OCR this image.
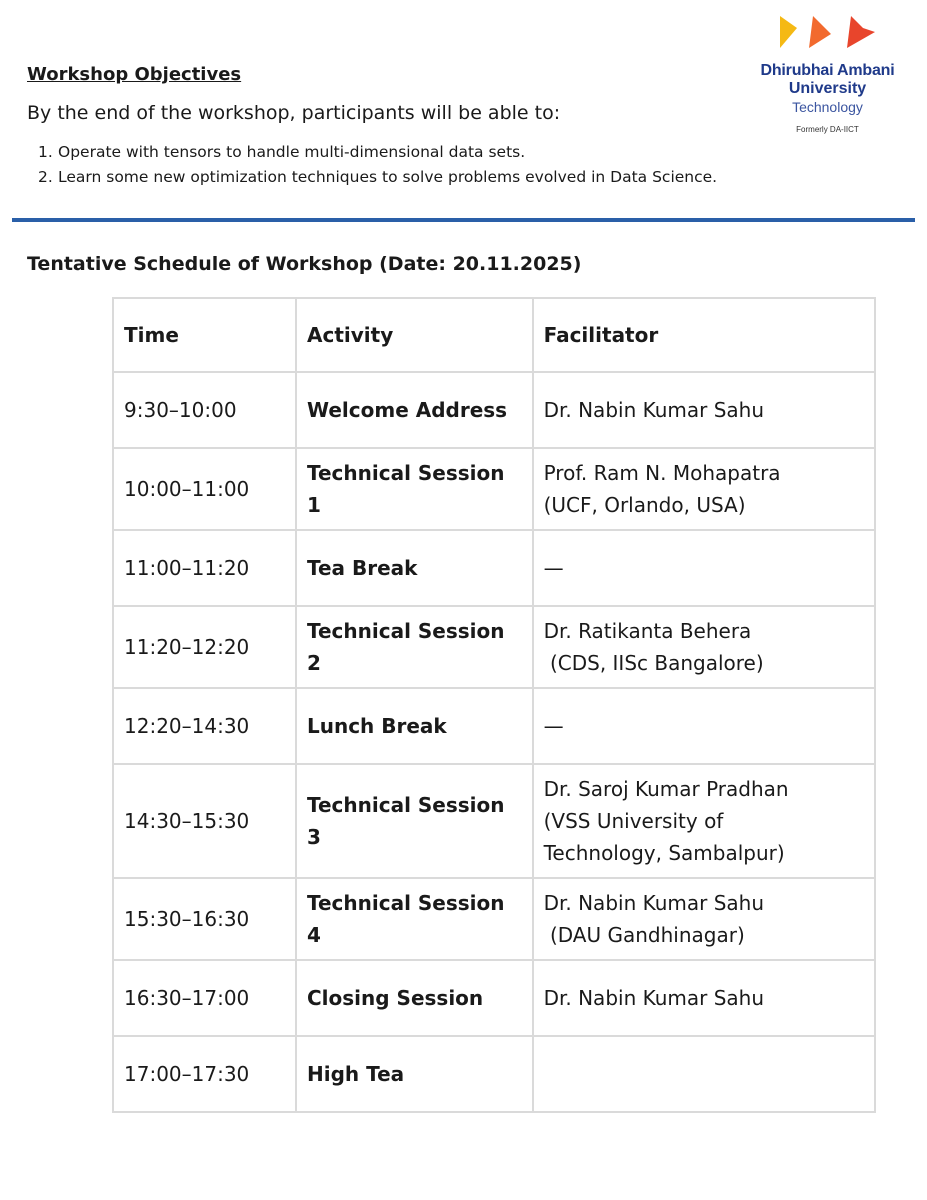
Dhirubhai Ambani
University
Technology
Formerly DA-IICT
Workshop Objectives
By the end of the workshop, participants will be able to:
1. Operate with tensors to handle multi-dimensional data sets.
2. Learn some new optimization techniques to solve problems evolved in Data Science.
Tentative Schedule of Workshop (Date: 20.11.2025)
Time	Activity	Facilitator
9:30–10:00	Welcome Address	Dr. Nabin Kumar Sahu

10:00–11:00	Technical Session 1	Prof. Ram N. Mohapatra
(UCF, Orlando, USA)

11:00–11:20	Tea Break	—

11:20–12:20	Technical Session 2	Dr. Ratikanta Behera
(CDS, IISc Bangalore)

12:20–14:30	Lunch Break	—

14:30–15:30	Technical Session 3	Dr. Saroj Kumar Pradhan
(VSS University of
Technology, Sambalpur)

15:30–16:30	Technical Session 4	Dr. Nabin Kumar Sahu
(DAU Gandhinagar)

16:30–17:00	Closing Session	Dr. Nabin Kumar Sahu

17:00–17:30	High Tea	
